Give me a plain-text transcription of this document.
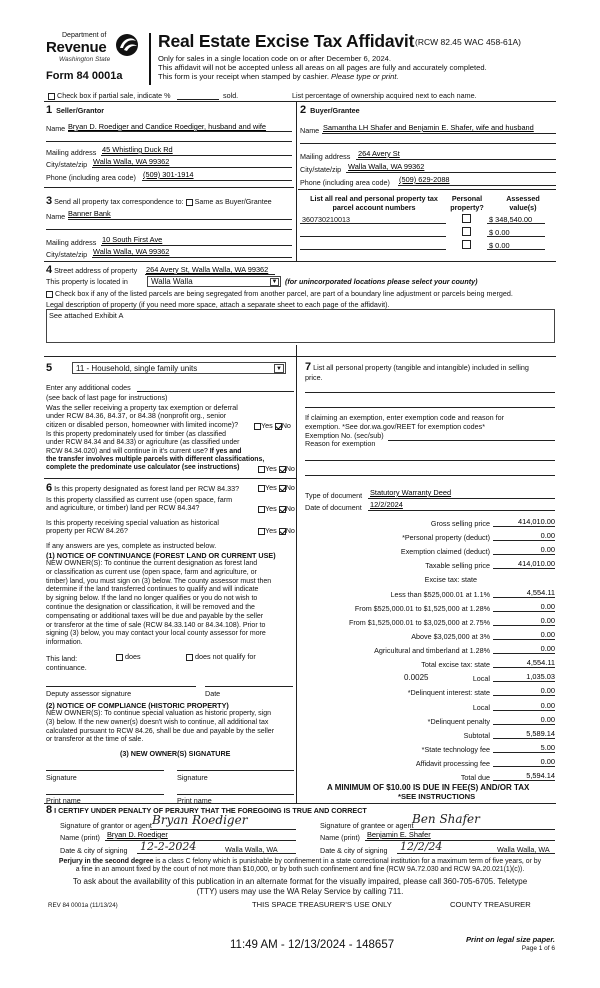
Department of
Revenue
Washington State
Form 84 0001a
Real Estate Excise Tax Affidavit (RCW 82.45 WAC 458-61A)
Only for sales in a single location code on or after December 6, 2024.
This affidavit will not be accepted unless all areas on all pages are fully and accurately completed.
This form is your receipt when stamped by cashier. Please type or print.
Check box if partial sale, indicate %	sold.	List percentage of ownership acquired next to each name.
1 Seller/Grantor
Name Bryan D. Roediger and Candice Roediger, husband and wife
Mailing address 45 Whistling Duck Rd
City/state/zip Walla Walla, WA 99362
Phone (including area code) (509) 301-1914
2 Buyer/Grantee
Name Samantha LH Shafer and Benjamin E. Shafer, wife and husband
Mailing address 264 Avery St
City/state/zip Walla Walla, WA 99362
Phone (including area code) (509) 629-2088
3 Send all property tax correspondence to: Same as Buyer/Grantee
Name Banner Bank
Mailing address 10 South First Ave
City/state/zip Walla Walla, WA 99362
List all real and personal property tax
parcel account numbers
Personal
property?
Assessed
value(s)
360730210013	$ 348,540.00
$ 0.00
$ 0.00
4 Street address of property 264 Avery St, Walla Walla, WA 99362
This property is located in	Walla Walla	▼ (for unincorporated locations please select your county)
Check box if any of the listed parcels are being segregated from another parcel, are part of a boundary line adjustment or parcels being merged.
Legal description of property (if you need more space, attach a separate sheet to each page of the affidavit).
See attached Exhibit A
5	11 - Household, single family units	▼
Enter any additional codes
(see back of last page for instructions)
Was the seller receiving a property tax exemption or deferral
under RCW 84.36, 84.37, or 84.38 (nonprofit org., senior
citizen or disabled person, homeowner with limited income)?	Yes No
Is this property predominately used for timber (as classified
under RCW 84.34 and 84.33) or agriculture (as classified under
RCW 84.34.020) and will continue in it's current use? If yes and
the transfer involves multiple parcels with different classifications,
complete the predominate use calculator (see instructions)	Yes No
6 Is this property designated as forest land per RCW 84.33?	Yes No
Is this property classified as current use (open space, farm
and agriculture, or timber) land per RCW 84.34?	Yes No
Is this property receiving special valuation as historical
property per RCW 84.26?	Yes No
If any answers are yes, complete as instructed below.
(1) NOTICE OF CONTINUANCE (FOREST LAND OR CURRENT USE)
NEW OWNER(S): To continue the current designation as forest land
or classification as current use (open space, farm and agriculture, or
timber) land, you must sign on (3) below. The county assessor must then
determine if the land transferred continues to qualify and will indicate
by signing below. If the land no longer qualifies or you do not wish to
continue the designation or classification, it will be removed and the
compensating or additional taxes will be due and payable by the seller
or transferor at the time of sale (RCW 84.33.140 or 84.34.108). Prior to
signing (3) below, you may contact your local county assessor for more
information.
This land:	does	does not qualify for
continuance.
Deputy assessor signature	Date
(2) NOTICE OF COMPLIANCE (HISTORIC PROPERTY)
NEW OWNER(S): To continue special valuation as historic property, sign
(3) below. If the new owner(s) doesn't wish to continue, all additional tax
calculated pursuant to RCW 84.26, shall be due and payable by the seller
or transferor at the time of sale.
(3) NEW OWNER(S) SIGNATURE
Signature	Signature
Print name	Print name
7 List all personal property (tangible and intangible) included in selling
price.
If claiming an exemption, enter exemption code and reason for
exemption. *See dor.wa.gov/REET for exemption codes*
Exemption No. (sec/sub)
Reason for exemption
Type of document Statutory Warranty Deed
Date of document 12/2/2024
Gross selling price	414,010.00
*Personal property (deduct)	0.00
Exemption claimed (deduct)	0.00
Taxable selling price	414,010.00
Excise tax: state
Less than $525,000.01 at 1.1%	4,554.11
From $525,000.01 to $1,525,000 at 1.28%	0.00
From $1,525,000.01 to $3,025,000 at 2.75%	0.00
Above $3,025,000 at 3%	0.00
Agricultural and timberland at 1.28%	0.00
Total excise tax: state	4,554.11
0.0025	Local	1,035.03
*Delinquent interest: state	0.00
Local	0.00
*Delinquent penalty	0.00
Subtotal	5,589.14
*State technology fee	5.00
Affidavit processing fee	0.00
Total due	5,594.14
A MINIMUM OF $10.00 IS DUE IN FEE(S) AND/OR TAX
*SEE INSTRUCTIONS
8 I CERTIFY UNDER PENALTY OF PERJURY THAT THE FOREGOING IS TRUE AND CORRECT
Signature of grantor or agent Bryan Roediger
Name (print) Bryan D. Roediger
Date & city of signing 12-2-2024	Walla Walla, WA
Signature of grantee or agent
Ben Shafer
Name (print) Benjamin E. Shafer
Date & city of signing 12/2/24	Walla Walla, WA
Perjury in the second degree is a class C felony which is punishable by confinement in a state correctional institution for a maximum term of five years, or by
a fine in an amount fixed by the court of not more than $10,000, or by both such confinement and fine (RCW 9A.72.030 and RCW 9A.20.021(1)(c)).
To ask about the availability of this publication in an alternate format for the visually impaired, please call 360-705-6705. Teletype
(TTY) users may use the WA Relay Service by calling 711.
REV 84 0001a (11/13/24)	THIS SPACE TREASURER'S USE ONLY	COUNTY TREASURER
11:49 AM - 12/13/2024 - 148657	Print on legal size paper.
Page 1 of 6
